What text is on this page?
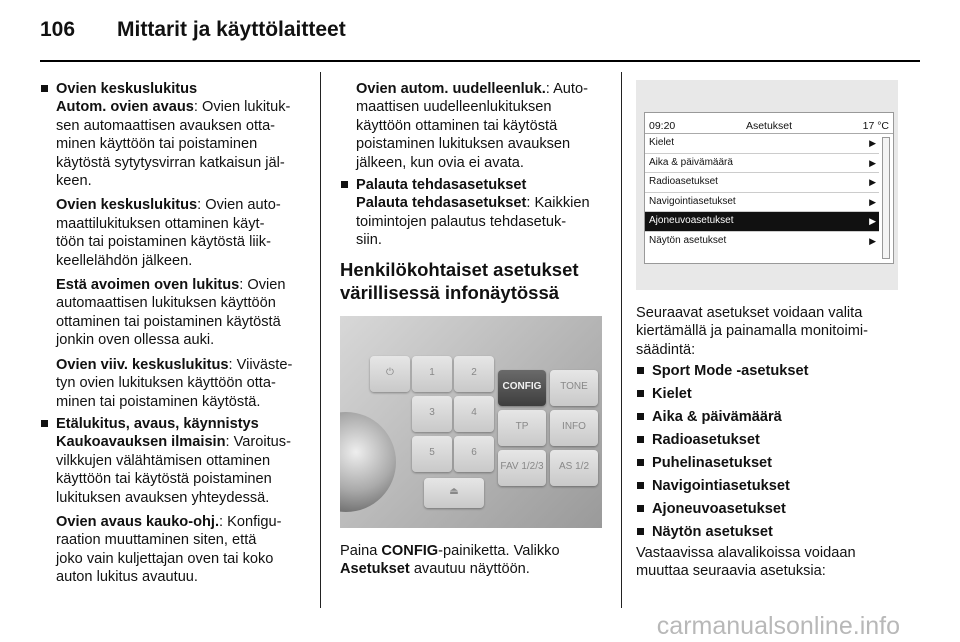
106 Mittarit ja käyttölaitteet

Ovien keskuslukitus

Autom. ovien avaus: Ovien lukituk-

sen automaattisen avauksen otta-

minen käyttöön tai poistaminen

käytöstä sytytysvirran katkaisun jäl-

keen.

Ovien keskuslukitus: Ovien auto-

maattilukituksen ottaminen käyt-

töön tai poistaminen käytöstä liik-

keellelähdön jälkeen.

Estä avoimen oven lukitus: Ovien

automaattisen lukituksen käyttöön

ottaminen tai poistaminen käytöstä

jonkin oven ollessa auki.

Ovien viiv. keskuslukitus: Viiväste-

tyn ovien lukituksen käyttöön otta-

minen tai poistaminen käytöstä.

Etälukitus, avaus, käynnistys

Kaukoavauksen ilmaisin: Varoitus-

vilkkujen välähtämisen ottaminen

käyttöön tai käytöstä poistaminen

lukituksen avauksen yhteydessä.

Ovien avaus kauko-ohj.: Konfigu-

raation muuttaminen siten, että

joko vain kuljettajan oven tai koko

auton lukitus avautuu.

Ovien autom. uudelleenluk.: Auto-

maattisen uudelleenlukituksen

käyttöön ottaminen tai käytöstä

poistaminen lukituksen avauksen

jälkeen, kun ovia ei avata.

Palauta tehdasasetukset

Palauta tehdasasetukset: Kaikkien

toimintojen palautus tehdasetuk-

siin.

Henkilökohtaiset asetukset
värillisessä infonäytössä
⏻	1	2
3	4
5	6
⏏
CONFIG	TONE
TP	INFO
FAV 1/2/3	AS 1/2

Paina CONFIG-painiketta. Valikko
Asetukset avautuu näyttöön.

09:20	Asetukset	17 °C
Kielet	▶
Aika & päivämäärä	▶
Radioasetukset	▶
Navigointiasetukset	▶
Ajoneuvoasetukset	▶
Näytön asetukset	▶

Seuraavat asetukset voidaan valita

kiertämällä ja painamalla monitoimi-

säädintä:

Sport Mode -asetukset

Kielet

Aika & päivämäärä

Radioasetukset

Puhelinasetukset

Navigointiasetukset

Ajoneuvoasetukset

Näytön asetukset

Vastaavissa alavalikoissa voidaan

muuttaa seuraavia asetuksia:

carmanualsonline.info
